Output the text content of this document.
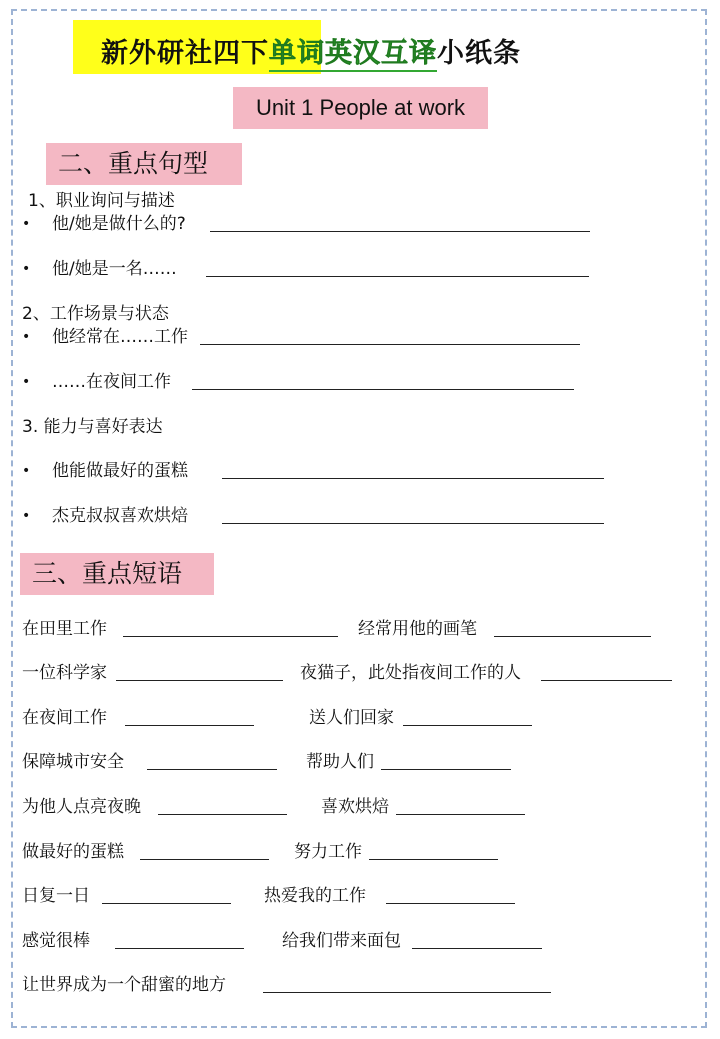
新外研社四下单词英汉互译小纸条
Unit 1 People at work
二、重点句型
1、职业询问与描述
• 他/她是做什么的?
• 他/她是一名……
2、工作场景与状态
• 他经常在……工作
• ……在夜间工作
3. 能力与喜好表达
• 他能做最好的蛋糕
• 杰克叔叔喜欢烘焙
三、重点短语
在田里工作	经常用他的画笔
一位科学家	夜猫子，此处指夜间工作的人
在夜间工作	送人们回家
保障城市安全	帮助人们
为他人点亮夜晚	喜欢烘焙
做最好的蛋糕	努力工作
日复一日	热爱我的工作
感觉很棒	给我们带来面包
让世界成为一个甜蜜的地方
